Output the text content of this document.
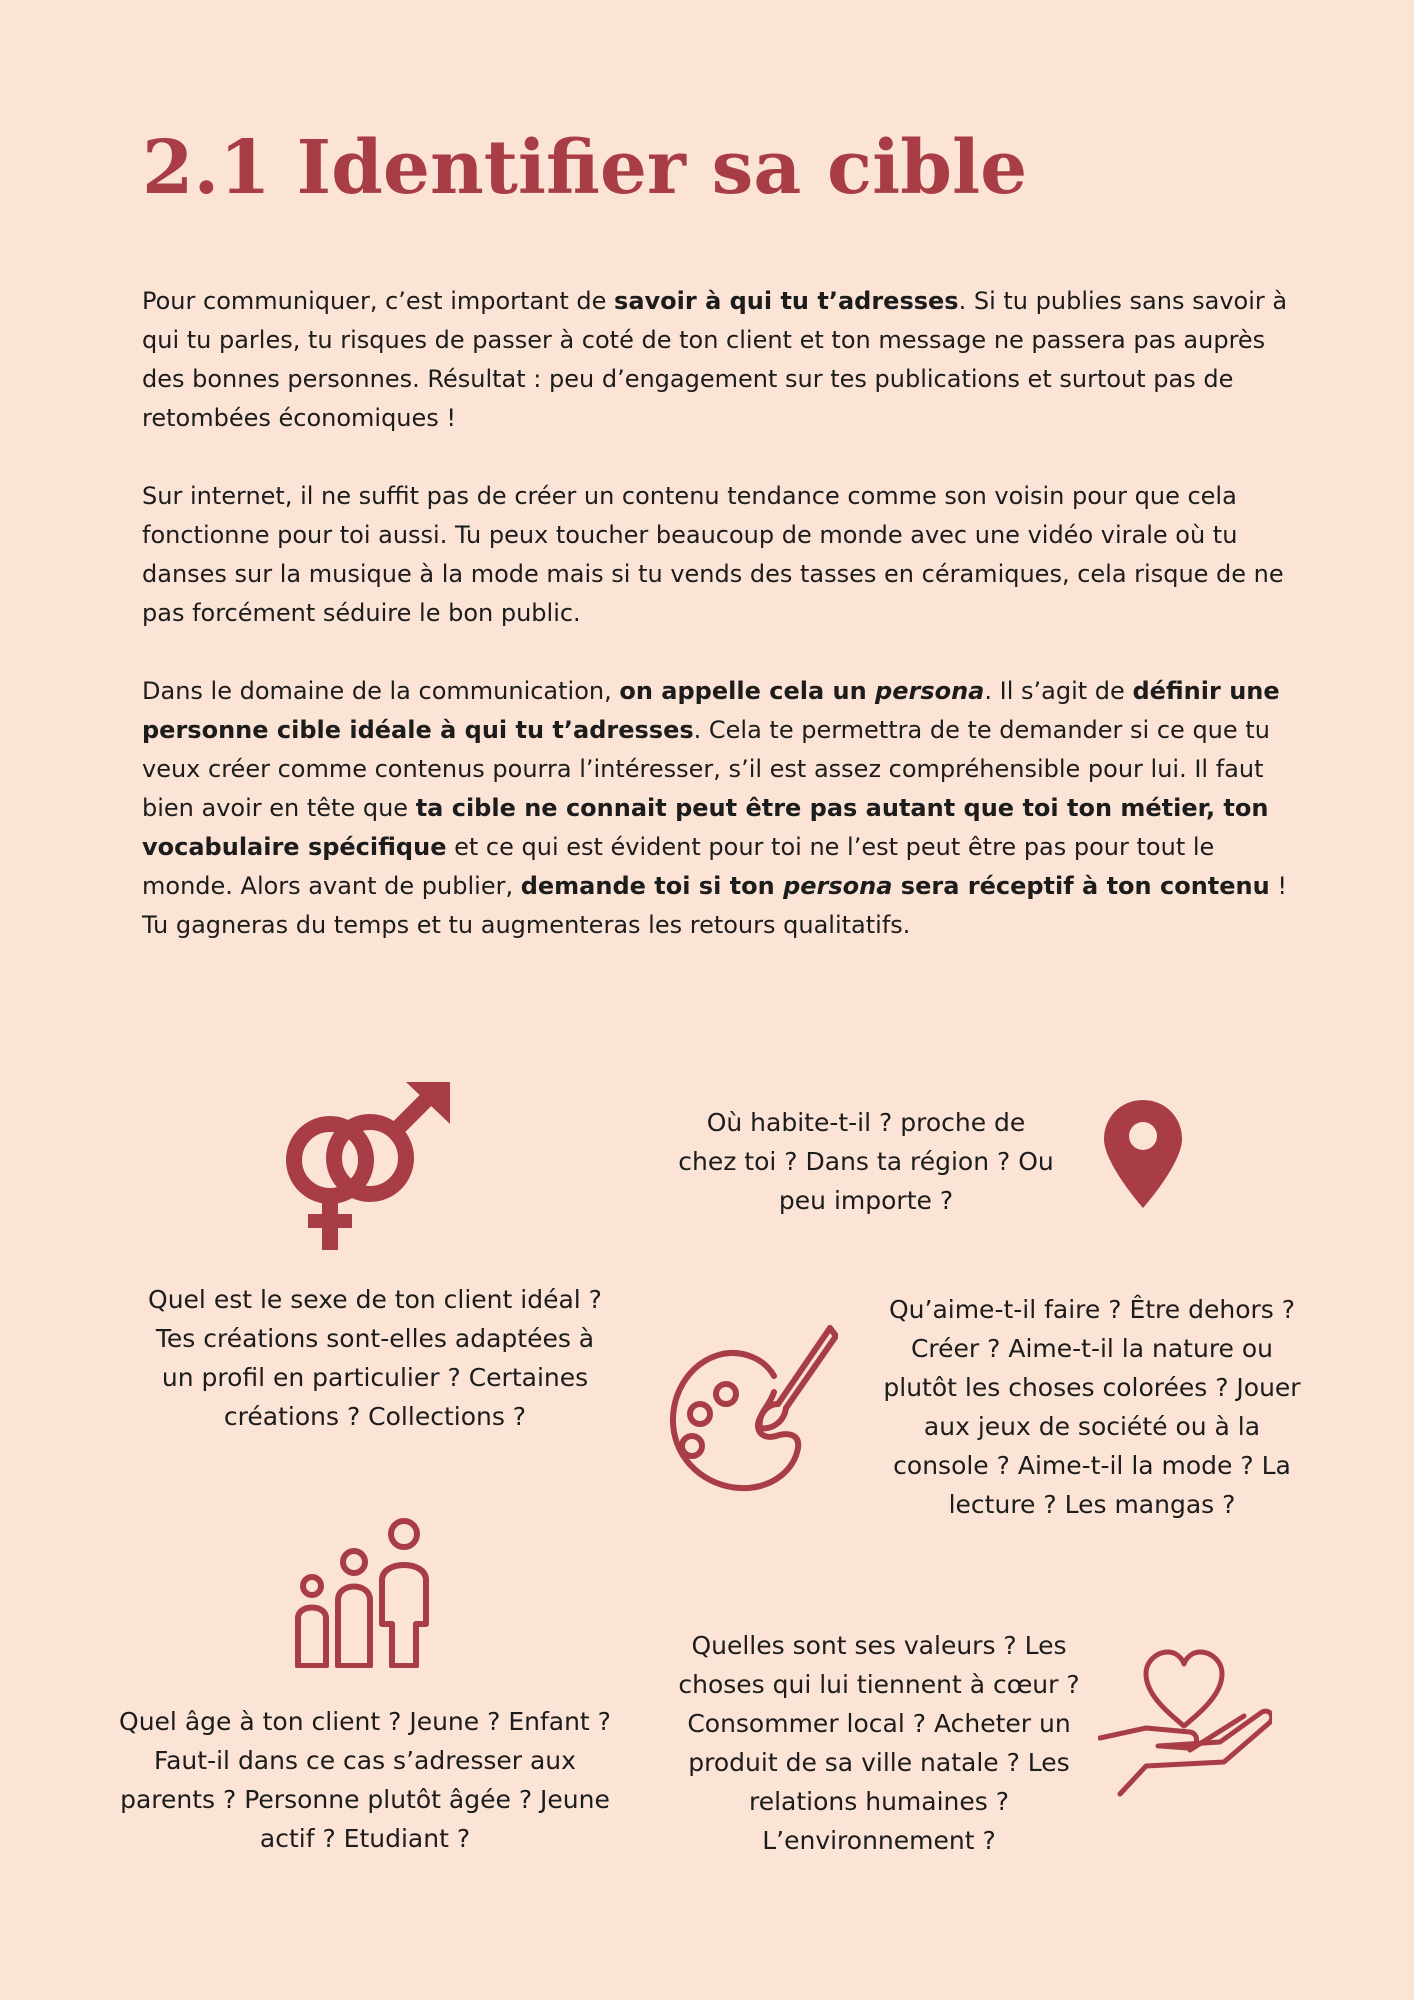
2.1 Identifier sa cible

Pour communiquer, c’est important de savoir à qui tu t’adresses. Si tu publies sans savoir à qui tu parles, tu risques de passer à coté de ton client et ton message ne passera pas auprès des bonnes personnes. Résultat : peu d’engagement sur tes publications et surtout pas de retombées économiques !

Sur internet, il ne suffit pas de créer un contenu tendance comme son voisin pour que cela fonctionne pour toi aussi. Tu peux toucher beaucoup de monde avec une vidéo virale où tu danses sur la musique à la mode mais si tu vends des tasses en céramiques, cela risque de ne pas forcément séduire le bon public.

Dans le domaine de la communication, on appelle cela un persona. Il s’agit de définir une personne cible idéale à qui tu t’adresses. Cela te permettra de te demander si ce que tu veux créer comme contenus pourra l’intéresser, s’il est assez compréhensible pour lui. Il faut bien avoir en tête que ta cible ne connait peut être pas autant que toi ton métier, ton vocabulaire spécifique et ce qui est évident pour toi ne l’est peut être pas pour tout le monde. Alors avant de publier, demande toi si ton persona sera réceptif à ton contenu ! Tu gagneras du temps et tu augmenteras les retours qualitatifs.

Où habite-t-il ? proche de chez toi ? Dans ta région ? Ou peu importe ?

Quel est le sexe de ton client idéal ? Tes créations sont-elles adaptées à un profil en particulier ? Certaines créations ? Collections ?

Qu’aime-t-il faire ? Être dehors ? Créer ? Aime-t-il la nature ou plutôt les choses colorées ? Jouer aux jeux de société ou à la console ? Aime-t-il la mode ? La lecture ? Les mangas ?

Quel âge à ton client ? Jeune ? Enfant ? Faut-il dans ce cas s’adresser aux parents ? Personne plutôt âgée ? Jeune actif ? Etudiant ?

Quelles sont ses valeurs ? Les choses qui lui tiennent à cœur ? Consommer local ? Acheter un produit de sa ville natale ? Les relations humaines ? L’environnement ?
